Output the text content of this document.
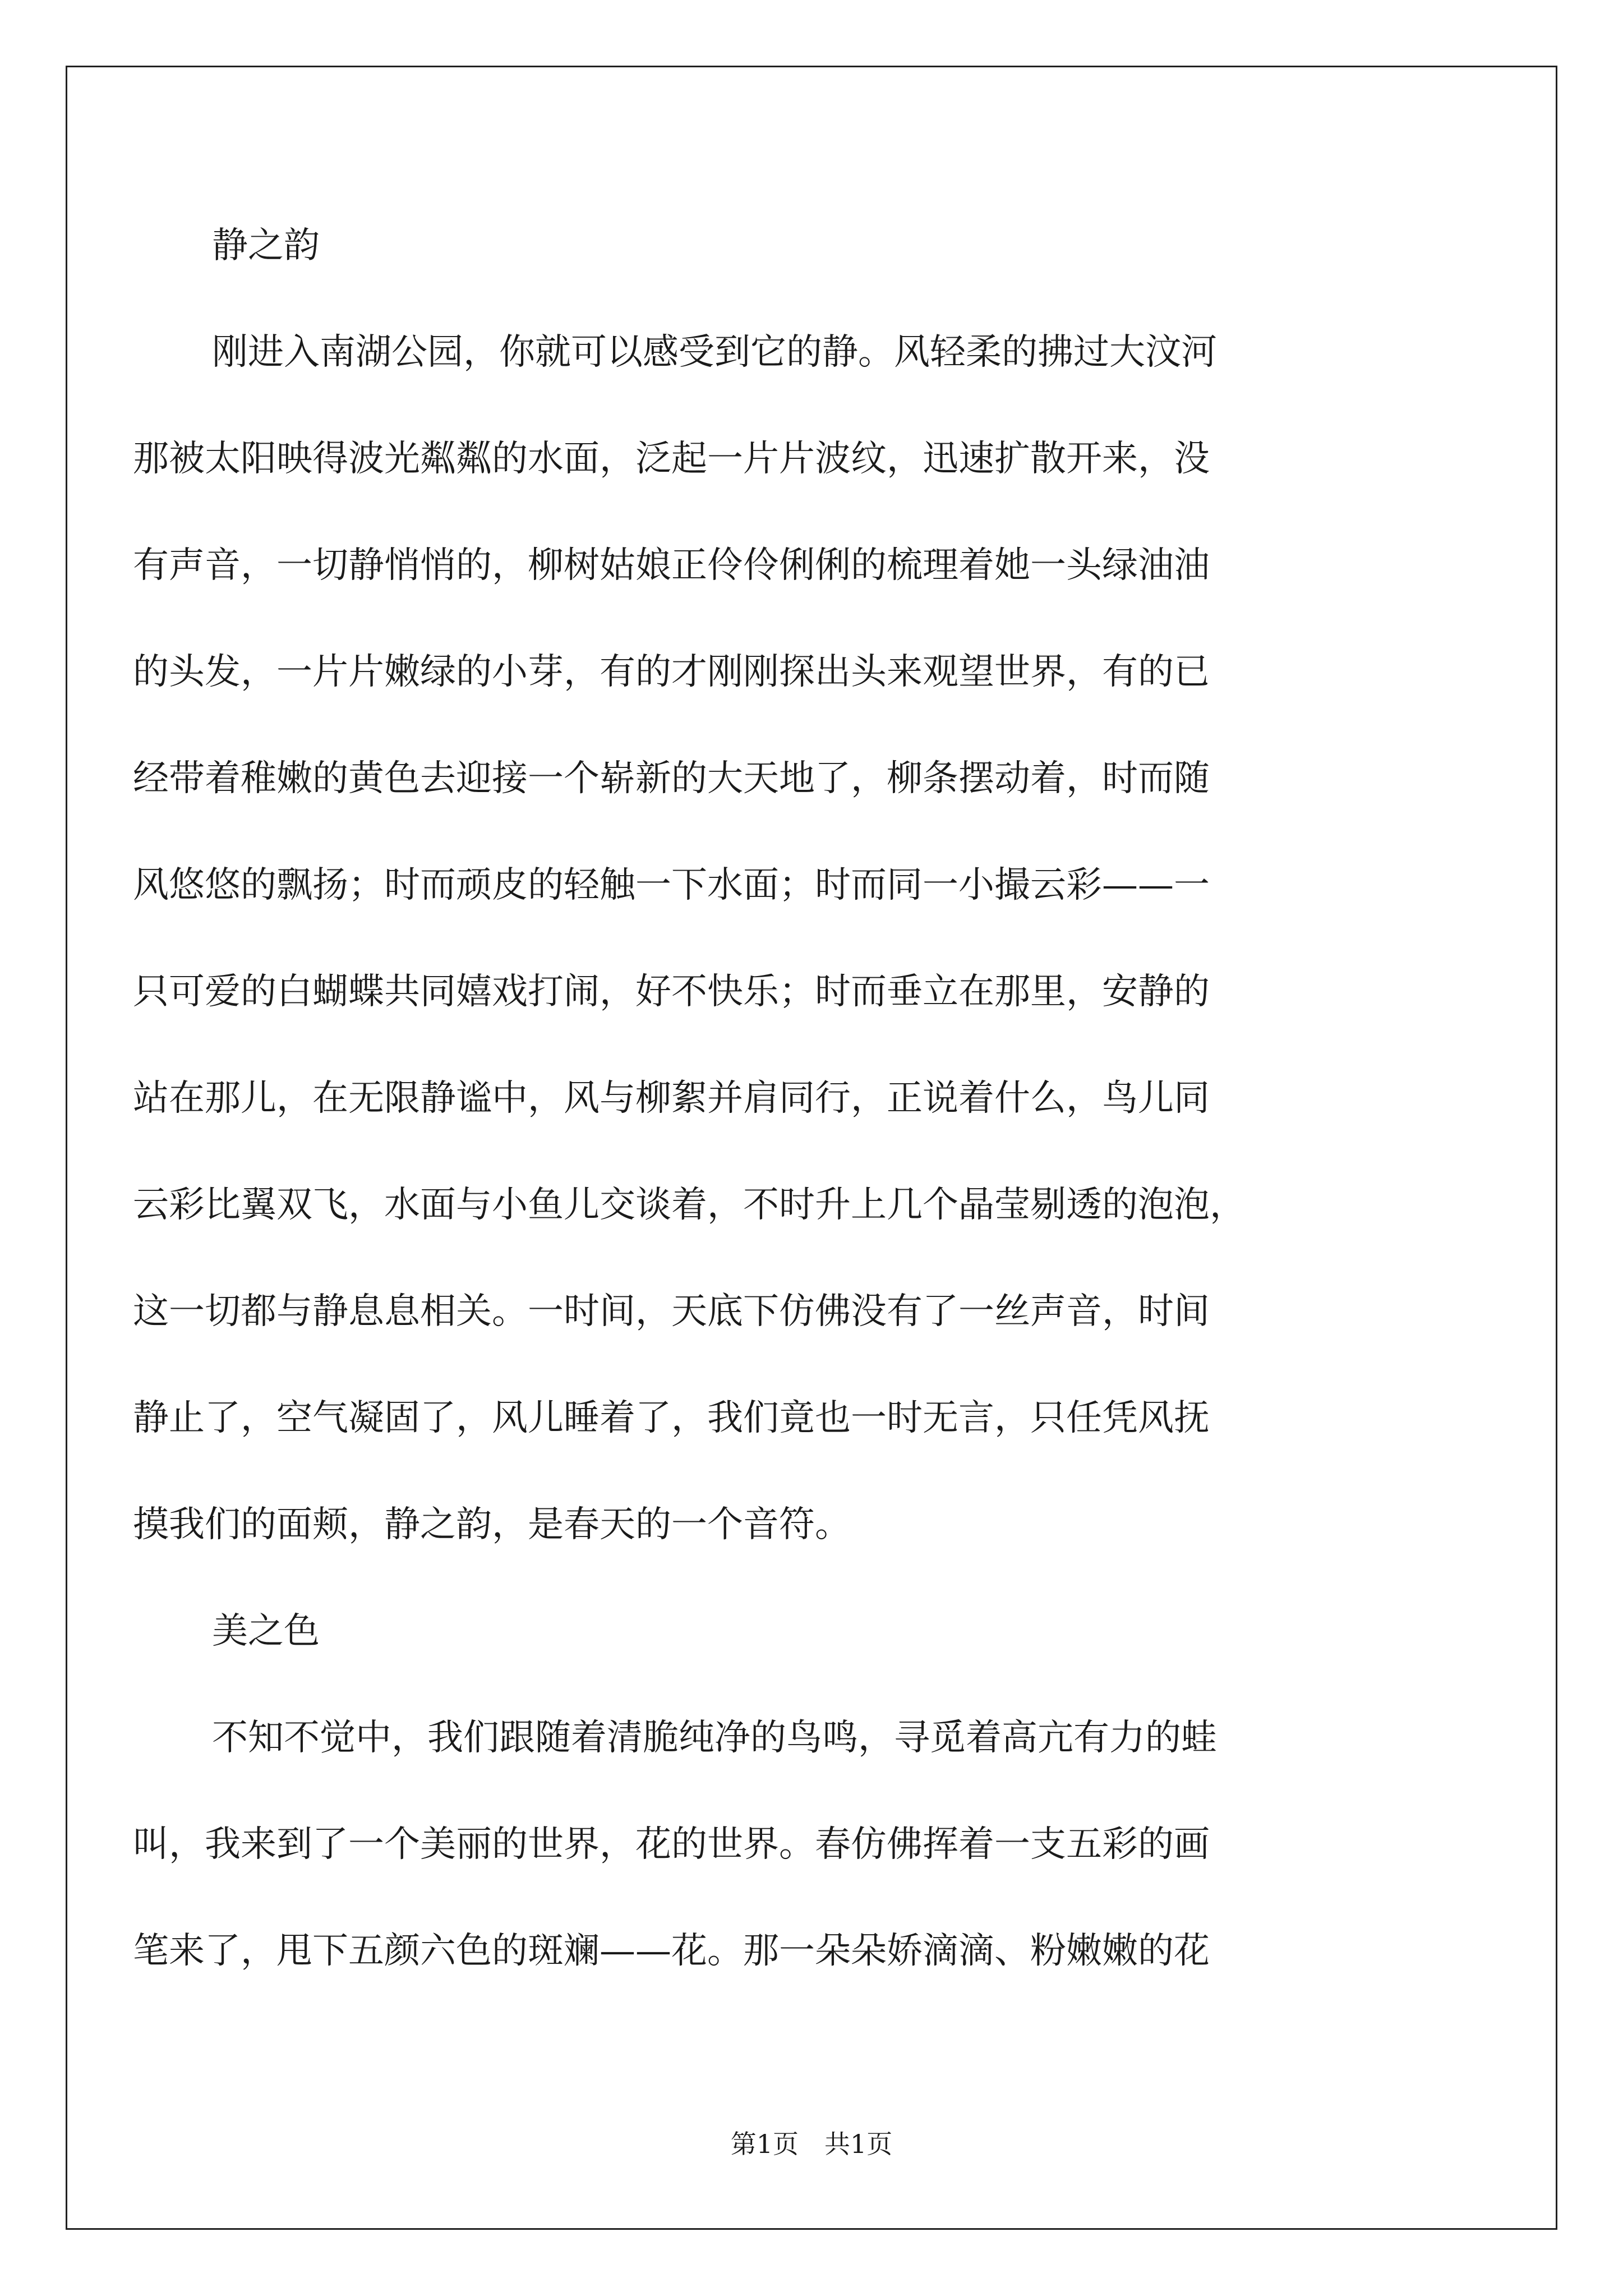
静之韵
刚进入南湖公园，你就可以感受到它的静。风轻柔的拂过大汶河
那被太阳映得波光粼粼的水面，泛起一片片波纹，迅速扩散开来，没
有声音，一切静悄悄的，柳树姑娘正伶伶俐俐的梳理着她一头绿油油
的头发，一片片嫩绿的小芽，有的才刚刚探出头来观望世界，有的已
经带着稚嫩的黄色去迎接一个崭新的大天地了，柳条摆动着，时而随
风悠悠的飘扬；时而顽皮的轻触一下水面；时而同一小撮云彩——一
只可爱的白蝴蝶共同嬉戏打闹，好不快乐；时而垂立在那里，安静的
站在那儿，在无限静谧中，风与柳絮并肩同行，正说着什么，鸟儿同
云彩比翼双飞，水面与小鱼儿交谈着，不时升上几个晶莹剔透的泡泡，
这一切都与静息息相关。一时间，天底下仿佛没有了一丝声音，时间
静止了，空气凝固了，风儿睡着了，我们竟也一时无言，只任凭风抚
摸我们的面颊，静之韵，是春天的一个音符。
美之色
不知不觉中，我们跟随着清脆纯净的鸟鸣，寻觅着高亢有力的蛙
叫，我来到了一个美丽的世界，花的世界。春仿佛挥着一支五彩的画
笔来了，甩下五颜六色的斑斓——花。那一朵朵娇滴滴、粉嫩嫩的花
第1页　共1页
